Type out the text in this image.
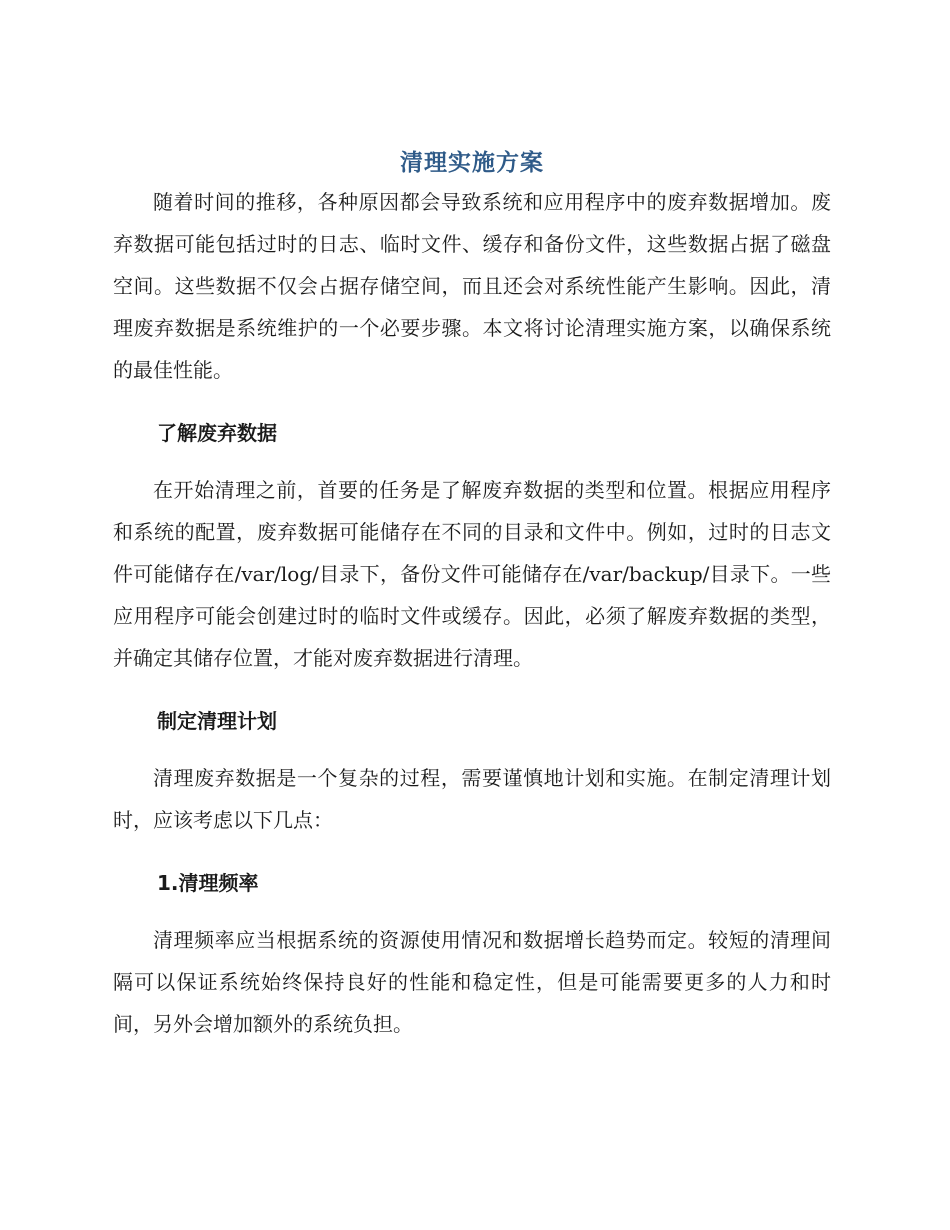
清理实施方案

随着时间的推移，各种原因都会导致系统和应用程序中的废弃数据增加。废弃数据可能包括过时的日志、临时文件、缓存和备份文件，这些数据占据了磁盘空间。这些数据不仅会占据存储空间，而且还会对系统性能产生影响。因此，清理废弃数据是系统维护的一个必要步骤。本文将讨论清理实施方案，以确保系统的最佳性能。

了解废弃数据

在开始清理之前，首要的任务是了解废弃数据的类型和位置。根据应用程序和系统的配置，废弃数据可能储存在不同的目录和文件中。例如，过时的日志文件可能储存在/var/log/目录下，备份文件可能储存在/var/backup/目录下。一些应用程序可能会创建过时的临时文件或缓存。因此，必须了解废弃数据的类型，并确定其储存位置，才能对废弃数据进行清理。

制定清理计划

清理废弃数据是一个复杂的过程，需要谨慎地计划和实施。在制定清理计划时，应该考虑以下几点：

1.清理频率

清理频率应当根据系统的资源使用情况和数据增长趋势而定。较短的清理间隔可以保证系统始终保持良好的性能和稳定性，但是可能需要更多的人力和时间，另外会增加额外的系统负担。
